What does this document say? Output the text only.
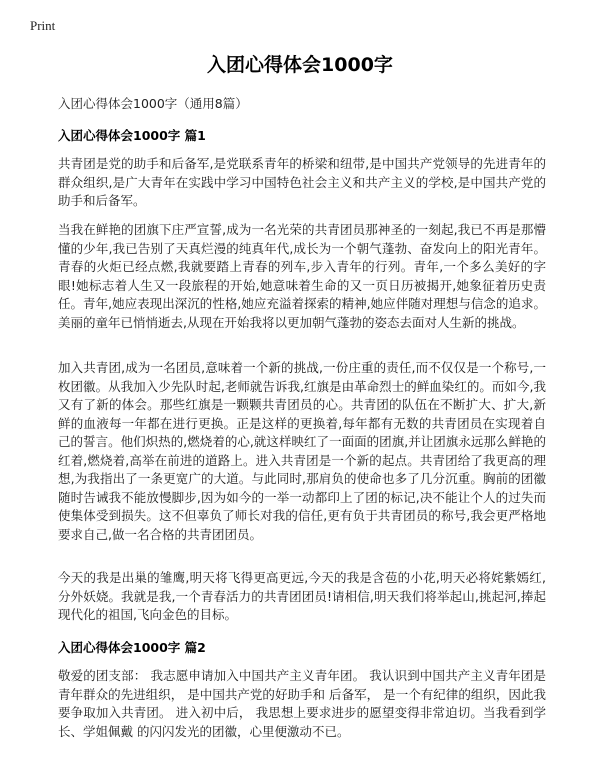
Print
入团心得体会1000字
入团心得体会1000字（通用8篇）
入团心得体会1000字 篇1

共青团是党的助手和后备军,是党联系青年的桥梁和纽带,是中国共产党领导的先进青年的群众组织,是广大青年在实践中学习中国特色社会主义和共产主义的学校,是中国共产党的助手和后备军。

当我在鲜艳的团旗下庄严宣誓,成为一名光荣的共青团员那神圣的一刻起,我已不再是那懵懂的少年,我已告别了天真烂漫的纯真年代,成长为一个朝气蓬勃、奋发向上的阳光青年。青春的火炬已经点燃,我就要踏上青春的列车,步入青年的行列。青年,一个多么美好的字眼!她标志着人生又一段旅程的开始,她意味着生命的又一页日历被揭开,她象征着历史责任。青年,她应表现出深沉的性格,她应充溢着探索的精神,她应伴随对理想与信念的追求。美丽的童年已悄悄逝去,从现在开始我将以更加朝气蓬勃的姿态去面对人生新的挑战。

加入共青团,成为一名团员,意味着一个新的挑战,一份庄重的责任,而不仅仅是一个称号,一枚团徽。从我加入少先队时起,老师就告诉我,红旗是由革命烈士的鲜血染红的。而如今,我又有了新的体会。那些红旗是一颗颗共青团员的心。共青团的队伍在不断扩大、扩大,新鲜的血液每一年都在进行更换。正是这样的更换着,每年都有无数的共青团员在实现着自己的誓言。他们炽热的,燃烧着的心,就这样映红了一面面的团旗,并让团旗永远那么鲜艳的红着,燃烧着,高举在前进的道路上。进入共青团是一个新的起点。共青团给了我更高的理想,为我指出了一条更宽广的大道。与此同时,那肩负的使命也多了几分沉重。胸前的团徽随时告诫我不能放慢脚步,因为如今的一举一动都印上了团的标记,决不能让个人的过失而使集体受到损失。这不但辜负了师长对我的信任,更有负于共青团员的称号,我会更严格地要求自己,做一名合格的共青团团员。

今天的我是出巢的雏鹰,明天将飞得更高更远,今天的我是含苞的小花,明天必将姹紫嫣红,分外妖娆。我就是我,一个青春活力的共青团团员!请相信,明天我们将举起山,挑起河,捧起现代化的祖国,飞向金色的目标。

入团心得体会1000字 篇2

敬爱的团支部： 我志愿申请加入中国共产主义青年团。 我认识到中国共产主义青年团是青年群众的先进组织， 是中国共产党的好助手和 后备军， 是一个有纪律的组织，因此我要争取加入共青团。 进入初中后， 我思想上要求进步的愿望变得非常迫切。当我看到学长、学姐佩戴 的闪闪发光的团徽，心里便激动不已。
